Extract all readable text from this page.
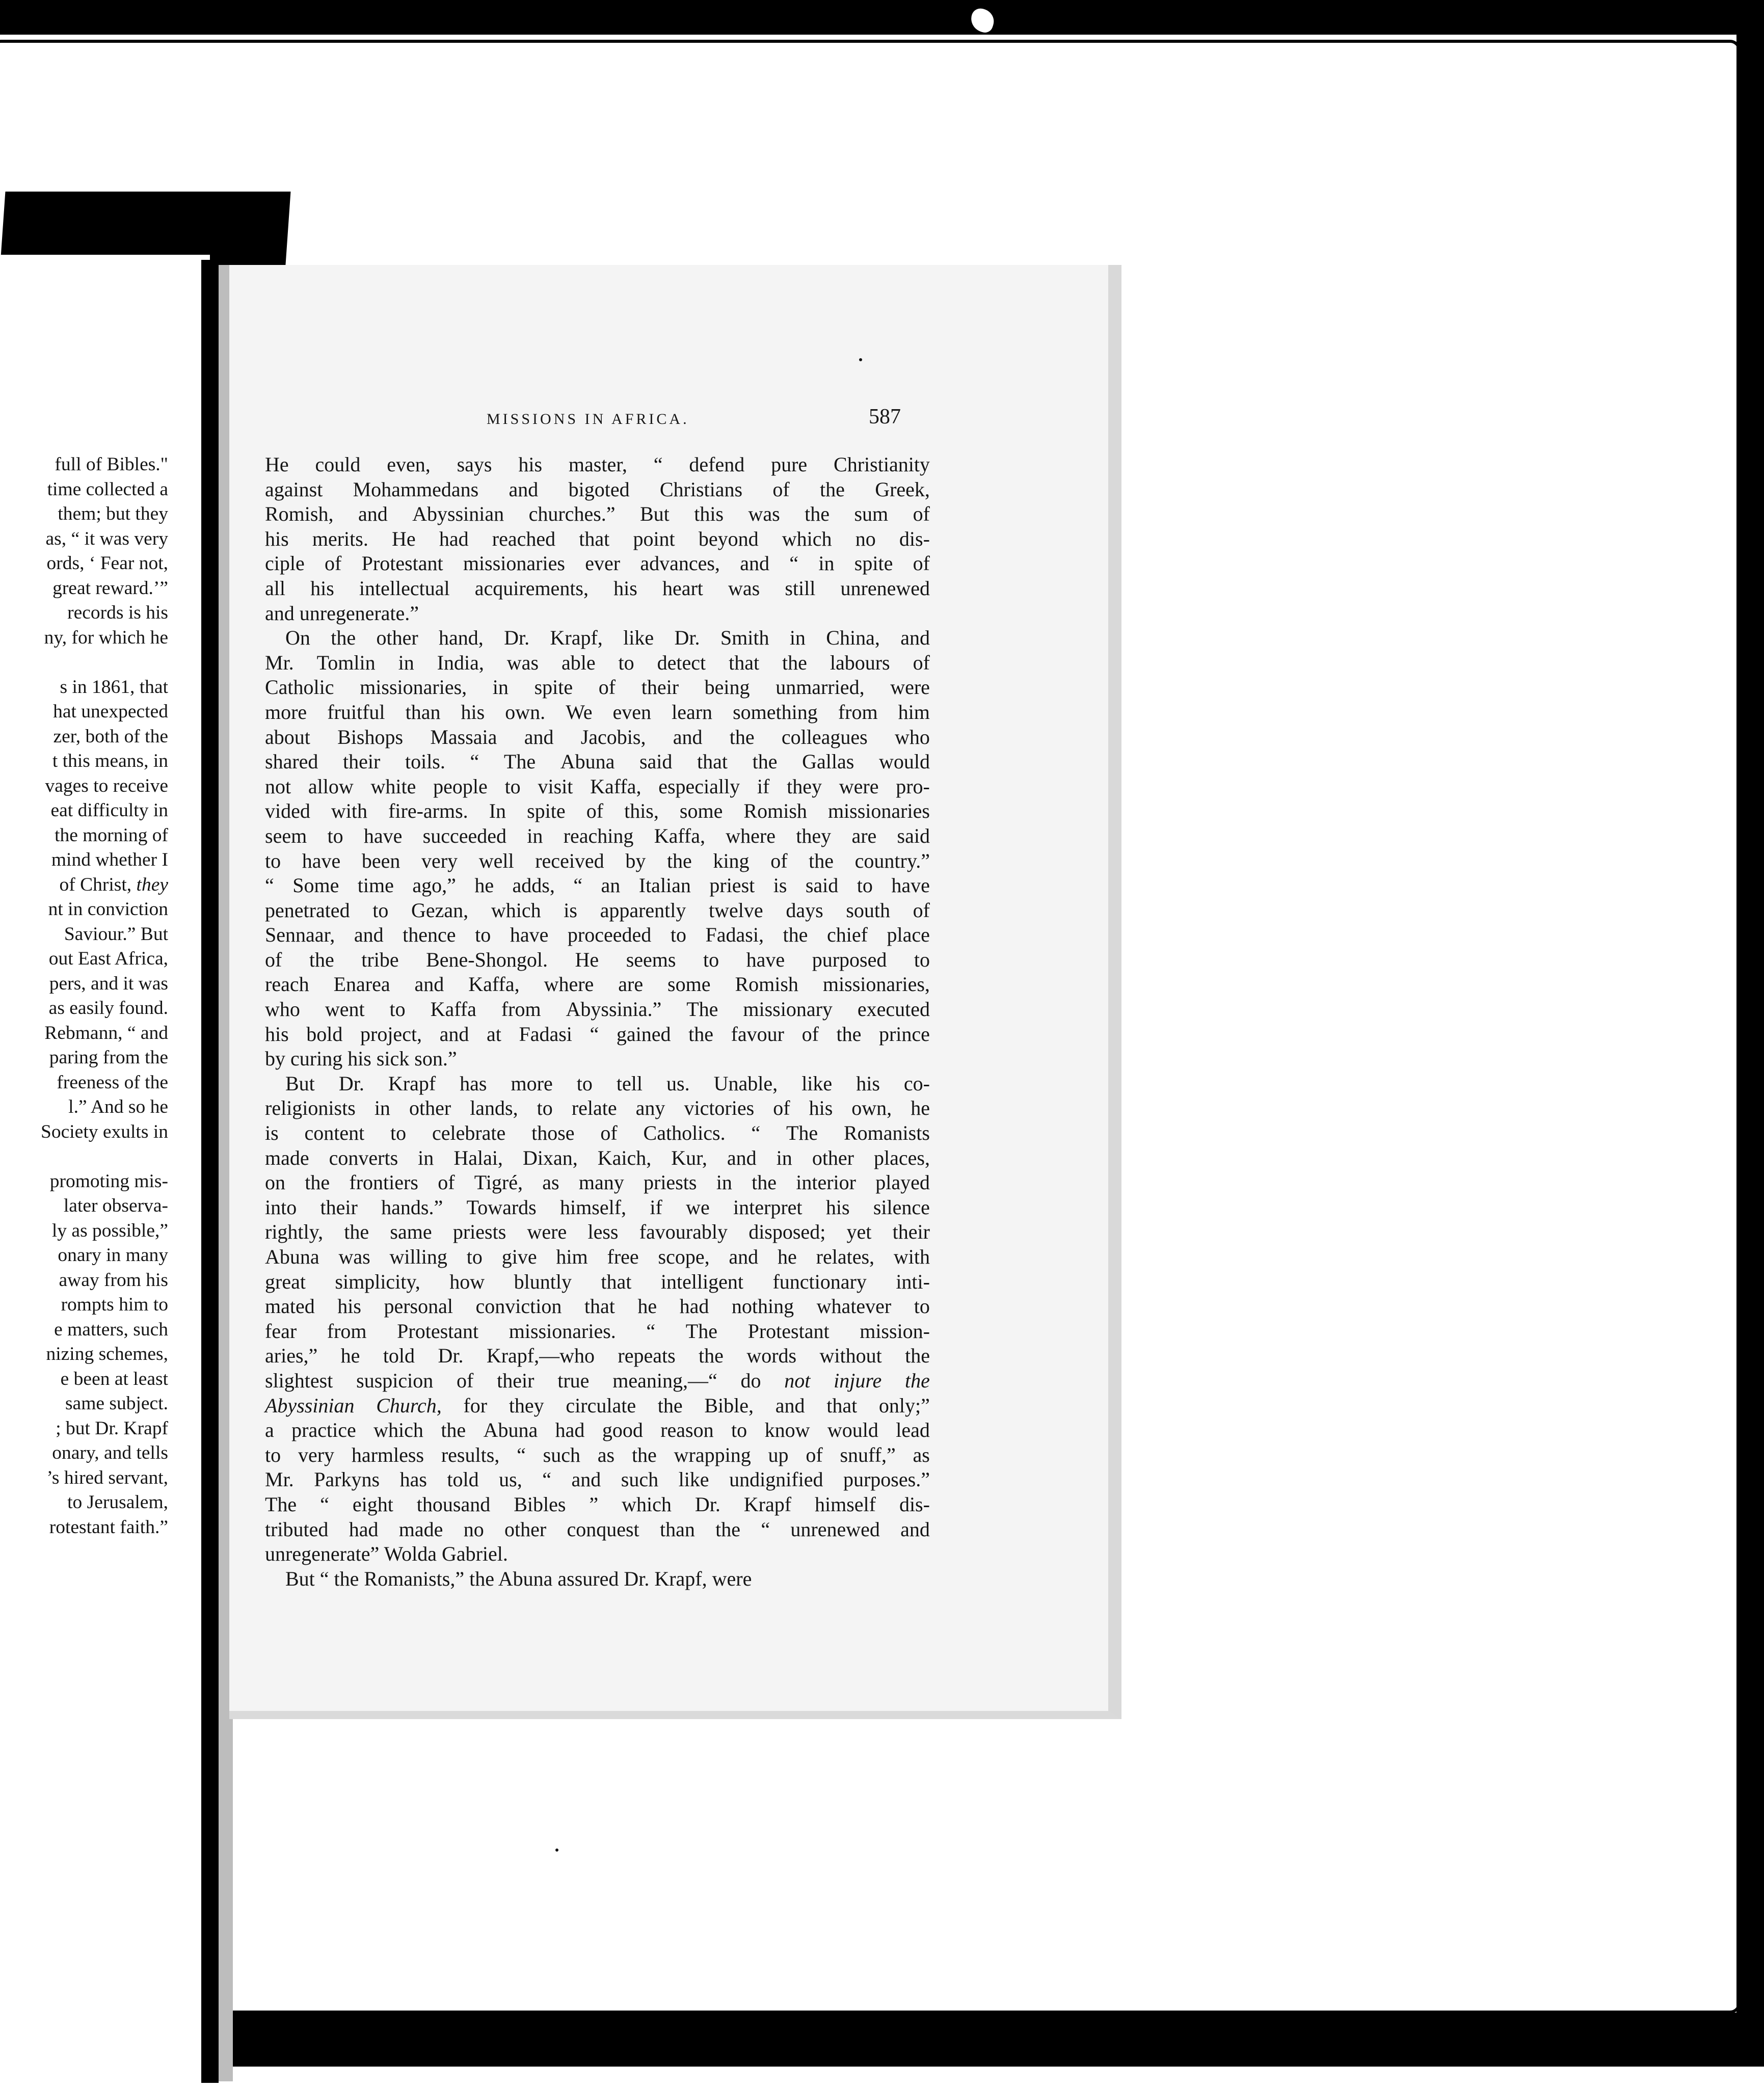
full of Bibles."
time collected a
them; but they
as, “ it was very
ords, ‘ Fear not,
great reward.’”
records is his
ny, for which he

s in 1861, that
hat unexpected
zer, both of the
t this means, in
vages to receive
eat difficulty in
the morning of
mind whether I
of Christ, they
nt in conviction
Saviour.” But
out East Africa,
pers, and it was
as easily found.
Rebmann, “ and
paring from the
freeness of the
l.” And so he
Society exults in

promoting mis-
later observa-
ly as possible,”
onary in many
away from his
rompts him to
e matters, such
nizing schemes,
e been at least
same subject.
; but Dr. Krapf
onary, and tells
’s hired servant,
to Jerusalem,
rotestant faith.”
MISSIONS IN AFRICA.	587
He could even, says his master, “ defend pure Christianity
against Mohammedans and bigoted Christians of the Greek,
Romish, and Abyssinian churches.” But this was the sum of
his merits. He had reached that point beyond which no dis-
ciple of Protestant missionaries ever advances, and “ in spite of
all his intellectual acquirements, his heart was still unrenewed
and unregenerate.”
On the other hand, Dr. Krapf, like Dr. Smith in China, and
Mr. Tomlin in India, was able to detect that the labours of
Catholic missionaries, in spite of their being unmarried, were
more fruitful than his own. We even learn something from him
about Bishops Massaia and Jacobis, and the colleagues who
shared their toils. “ The Abuna said that the Gallas would
not allow white people to visit Kaffa, especially if they were pro-
vided with fire-arms. In spite of this, some Romish missionaries
seem to have succeeded in reaching Kaffa, where they are said
to have been very well received by the king of the country.”
“ Some time ago,” he adds, “ an Italian priest is said to have
penetrated to Gezan, which is apparently twelve days south of
Sennaar, and thence to have proceeded to Fadasi, the chief place
of the tribe Bene-Shongol. He seems to have purposed to
reach Enarea and Kaffa, where are some Romish missionaries,
who went to Kaffa from Abyssinia.” The missionary executed
his bold project, and at Fadasi “ gained the favour of the prince
by curing his sick son.”
But Dr. Krapf has more to tell us. Unable, like his co-
religionists in other lands, to relate any victories of his own, he
is content to celebrate those of Catholics. “ The Romanists
made converts in Halai, Dixan, Kaich, Kur, and in other places,
on the frontiers of Tigré, as many priests in the interior played
into their hands.” Towards himself, if we interpret his silence
rightly, the same priests were less favourably disposed; yet their
Abuna was willing to give him free scope, and he relates, with
great simplicity, how bluntly that intelligent functionary inti-
mated his personal conviction that he had nothing whatever to
fear from Protestant missionaries. “ The Protestant mission-
aries,” he told Dr. Krapf,—who repeats the words without the
slightest suspicion of their true meaning,—“ do not injure the
Abyssinian Church, for they circulate the Bible, and that only;”
a practice which the Abuna had good reason to know would lead
to very harmless results, “ such as the wrapping up of snuff,” as
Mr. Parkyns has told us, “ and such like undignified purposes.”
The “ eight thousand Bibles ” which Dr. Krapf himself dis-
tributed had made no other conquest than the “ unrenewed and
unregenerate” Wolda Gabriel.
But “ the Romanists,” the Abuna assured Dr. Krapf, were
